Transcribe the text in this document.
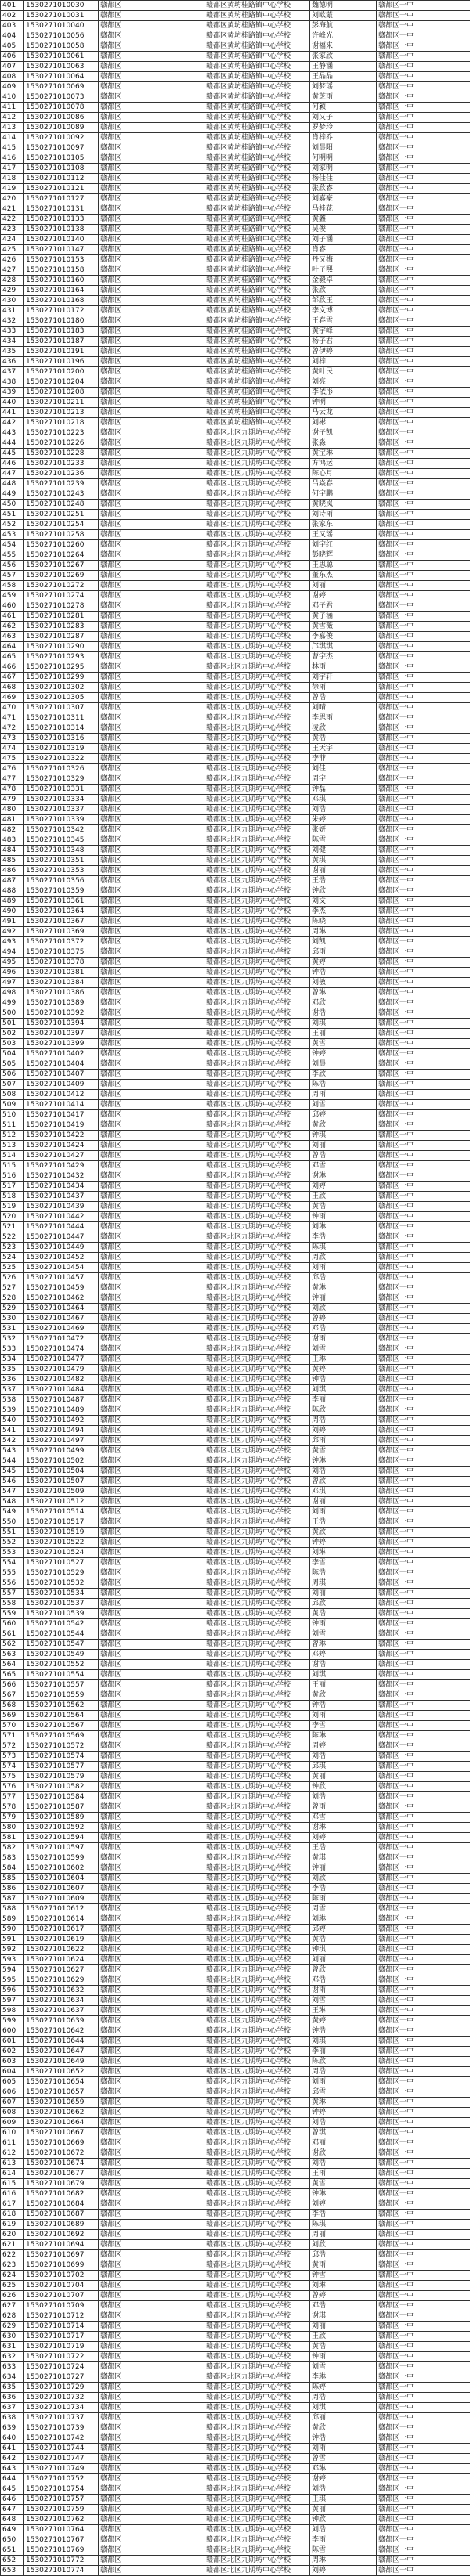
401	1530271010030	赣都区	赣都区黄坊桂路镇中心学校	魏德明	赣都区一中
402	1530271010031	赣都区	赣都区黄坊桂路镇中心学校	刘欧蒙	赣都区一中
403	1530271010040	赣都区	赣都区黄坊桂路镇中心学校	彭海航	赣都区一中
404	1530271010056	赣都区	赣都区黄坊桂路镇中心学校	许峰光	赣都区一中
405	1530271010058	赣都区	赣都区黄坊桂路镇中心学校	谢福来	赣都区一中
406	1530271010061	赣都区	赣都区黄坊桂路镇中心学校	张家欣	赣都区一中
407	1530271010063	赣都区	赣都区黄坊桂路镇中心学校	王静涵	赣都区一中
408	1530271010064	赣都区	赣都区黄坊桂路镇中心学校	王晶晶	赣都区一中
409	1530271010069	赣都区	赣都区黄坊桂路镇中心学校	刘梦瑶	赣都区一中
410	1530271010073	赣都区	赣都区黄坊桂路镇中心学校	黄芝雨	赣都区一中
411	1530271010078	赣都区	赣都区黄坊桂路镇中心学校	何颖	赣都区一中
412	1530271010086	赣都区	赣都区黄坊桂路镇中心学校	刘又子	赣都区一中
413	1530271010089	赣都区	赣都区黄坊桂路镇中心学校	罗梦玲	赣都区一中
414	1530271010092	赣都区	赣都区黄坊桂路镇中心学校	肖梓乔	赣都区一中
415	1530271010097	赣都区	赣都区黄坊桂路镇中心学校	刘晨阳	赣都区一中
416	1530271010105	赣都区	赣都区黄坊桂路镇中心学校	何明明	赣都区一中
417	1530271010108	赣都区	赣都区黄坊桂路镇中心学校	刘家明	赣都区一中
418	1530271010112	赣都区	赣都区黄坊桂路镇中心学校	杨佳佳	赣都区一中
419	1530271010121	赣都区	赣都区黄坊桂路镇中心学校	张欣睿	赣都区一中
420	1530271010127	赣都区	赣都区黄坊桂路镇中心学校	刘嘉豪	赣都区一中
421	1530271010131	赣都区	赣都区黄坊桂路镇中心学校	马桂花	赣都区一中
422	1530271010133	赣都区	赣都区黄坊桂路镇中心学校	黄鑫	赣都区一中
423	1530271010138	赣都区	赣都区黄坊桂路镇中心学校	吴俊	赣都区一中
424	1530271010140	赣都区	赣都区黄坊桂路镇中心学校	刘子涵	赣都区一中
425	1530271010147	赣都区	赣都区黄坊桂路镇中心学校	肖睿	赣都区一中
426	1530271010153	赣都区	赣都区黄坊桂路镇中心学校	丹又梅	赣都区一中
427	1530271010158	赣都区	赣都区黄坊桂路镇中心学校	叶子熙	赣都区一中
428	1530271010160	赣都区	赣都区黄坊桂路镇中心学校	金毅卓	赣都区一中
429	1530271010164	赣都区	赣都区黄坊桂路镇中心学校	张欣	赣都区一中
430	1530271010168	赣都区	赣都区黄坊桂路镇中心学校	邹欣玉	赣都区一中
431	1530271010172	赣都区	赣都区黄坊桂路镇中心学校	李文博	赣都区一中
432	1530271010180	赣都区	赣都区黄坊桂路镇中心学校	王春雪	赣都区一中
433	1530271010183	赣都区	赣都区黄坊桂路镇中心学校	黄宇峰	赣都区一中
434	1530271010187	赣都区	赣都区黄坊桂路镇中心学校	杨子君	赣都区一中
435	1530271010191	赣都区	赣都区黄坊桂路镇中心学校	曾伊婷	赣都区一中
436	1530271010196	赣都区	赣都区黄坊桂路镇中心学校	刘梓	赣都区一中
437	1530271010200	赣都区	赣都区黄坊桂路镇中心学校	黄叶民	赣都区一中
438	1530271010204	赣都区	赣都区黄坊桂路镇中心学校	刘亮	赣都区一中
439	1530271010208	赣都区	赣都区黄坊桂路镇中心学校	李依彤	赣都区一中
440	1530271010211	赣都区	赣都区黄坊桂路镇中心学校	钟明	赣都区一中
441	1530271010213	赣都区	赣都区黄坊桂路镇中心学校	马云龙	赣都区一中
442	1530271010218	赣都区	赣都区黄坊桂路镇中心学校	刘彬	赣都区一中
443	1530271010223	赣都区	赣都区北区九期坊中心学校	谢子凯	赣都区一中
444	1530271010226	赣都区	赣都区北区九期坊中心学校	张淼	赣都区一中
445	1530271010228	赣都区	赣都区北区九期坊中心学校	黄宝琳	赣都区一中
446	1530271010233	赣都区	赣都区北区九期坊中心学校	方鸿运	赣都区一中
447	1530271010236	赣都区	赣都区北区九期坊中心学校	陈心月	赣都区一中
448	1530271010239	赣都区	赣都区北区九期坊中心学校	吕焱春	赣都区一中
449	1530271010243	赣都区	赣都区北区九期坊中心学校	何宇鹏	赣都区一中
450	1530271010248	赣都区	赣都区北区九期坊中心学校	黄晓岚	赣都区一中
451	1530271010251	赣都区	赣都区北区九期坊中心学校	刘诗雨	赣都区一中
452	1530271010254	赣都区	赣都区北区九期坊中心学校	张家东	赣都区一中
453	1530271010258	赣都区	赣都区北区九期坊中心学校	王又瑶	赣都区一中
454	1530271010260	赣都区	赣都区北区九期坊中心学校	刘宇红	赣都区一中
455	1530271010264	赣都区	赣都区北区九期坊中心学校	彭晓辉	赣都区一中
456	1530271010267	赣都区	赣都区北区九期坊中心学校	王思聪	赣都区一中
457	1530271010269	赣都区	赣都区北区九期坊中心学校	董东杰	赣都区一中
458	1530271010272	赣都区	赣都区北区九期坊中心学校	刘丽	赣都区一中
459	1530271010274	赣都区	赣都区北区九期坊中心学校	谢婷	赣都区一中
460	1530271010278	赣都区	赣都区北区九期坊中心学校	邓子君	赣都区一中
461	1530271010281	赣都区	赣都区北区九期坊中心学校	黄子涵	赣都区一中
462	1530271010283	赣都区	赣都区北区九期坊中心学校	黄雪薇	赣都区一中
463	1530271010287	赣都区	赣都区北区九期坊中心学校	李嘉俊	赣都区一中
464	1530271010290	赣都区	赣都区北区九期坊中心学校	邝琪琪	赣都区一中
465	1530271010293	赣都区	赣都区北区九期坊中心学校	曹宇杰	赣都区一中
466	1530271010295	赣都区	赣都区北区九期坊中心学校	林雨	赣都区一中
467	1530271010299	赣都区	赣都区北区九期坊中心学校	刘宇轩	赣都区一中
468	1530271010302	赣都区	赣都区北区九期坊中心学校	徐雨	赣都区一中
469	1530271010305	赣都区	赣都区北区九期坊中心学校	曾浩	赣都区一中
470	1530271010307	赣都区	赣都区北区九期坊中心学校	刘晴	赣都区一中
471	1530271010311	赣都区	赣都区北区九期坊中心学校	李思雨	赣都区一中
472	1530271010314	赣都区	赣都区北区九期坊中心学校	凌欣	赣都区一中
473	1530271010316	赣都区	赣都区北区九期坊中心学校	黄浩	赣都区一中
474	1530271010319	赣都区	赣都区北区九期坊中心学校	王天宇	赣都区一中
475	1530271010322	赣都区	赣都区北区九期坊中心学校	李菲	赣都区一中
476	1530271010326	赣都区	赣都区北区九期坊中心学校	刘佳	赣都区一中
477	1530271010329	赣都区	赣都区北区九期坊中心学校	周宇	赣都区一中
478	1530271010331	赣都区	赣都区北区九期坊中心学校	钟磊	赣都区一中
479	1530271010334	赣都区	赣都区北区九期坊中心学校	邓琪	赣都区一中
480	1530271010337	赣都区	赣都区北区九期坊中心学校	刘浩	赣都区一中
481	1530271010339	赣都区	赣都区北区九期坊中心学校	朱婷	赣都区一中
482	1530271010342	赣都区	赣都区北区九期坊中心学校	张妍	赣都区一中
483	1530271010345	赣都区	赣都区北区九期坊中心学校	陈雪	赣都区一中
484	1530271010348	赣都区	赣都区北区九期坊中心学校	刘健	赣都区一中
485	1530271010351	赣都区	赣都区北区九期坊中心学校	黄琪	赣都区一中
486	1530271010353	赣都区	赣都区北区九期坊中心学校	谢丽	赣都区一中
487	1530271010356	赣都区	赣都区北区九期坊中心学校	王浩	赣都区一中
488	1530271010359	赣都区	赣都区北区九期坊中心学校	钟欣	赣都区一中
489	1530271010361	赣都区	赣都区北区九期坊中心学校	刘文	赣都区一中
490	1530271010364	赣都区	赣都区北区九期坊中心学校	李杰	赣都区一中
491	1530271010367	赣都区	赣都区北区九期坊中心学校	陈晓	赣都区一中
492	1530271010369	赣都区	赣都区北区九期坊中心学校	周琳	赣都区一中
493	1530271010372	赣都区	赣都区北区九期坊中心学校	刘凯	赣都区一中
494	1530271010375	赣都区	赣都区北区九期坊中心学校	邱雨	赣都区一中
495	1530271010378	赣都区	赣都区北区九期坊中心学校	黄婷	赣都区一中
496	1530271010381	赣都区	赣都区北区九期坊中心学校	钟浩	赣都区一中
497	1530271010384	赣都区	赣都区北区九期坊中心学校	刘敏	赣都区一中
498	1530271010386	赣都区	赣都区北区九期坊中心学校	曾琳	赣都区一中
499	1530271010389	赣都区	赣都区北区九期坊中心学校	邓欣	赣都区一中
500	1530271010392	赣都区	赣都区北区九期坊中心学校	谢浩	赣都区一中
501	1530271010394	赣都区	赣都区北区九期坊中心学校	刘琪	赣都区一中
502	1530271010397	赣都区	赣都区北区九期坊中心学校	王丽	赣都区一中
503	1530271010399	赣都区	赣都区北区九期坊中心学校	黄雪	赣都区一中
504	1530271010402	赣都区	赣都区北区九期坊中心学校	钟婷	赣都区一中
505	1530271010404	赣都区	赣都区北区九期坊中心学校	刘晨	赣都区一中
506	1530271010407	赣都区	赣都区北区九期坊中心学校	李欣	赣都区一中
507	1530271010409	赣都区	赣都区北区九期坊中心学校	陈浩	赣都区一中
508	1530271010412	赣都区	赣都区北区九期坊中心学校	周雨	赣都区一中
509	1530271010414	赣都区	赣都区北区九期坊中心学校	刘雪	赣都区一中
510	1530271010417	赣都区	赣都区北区九期坊中心学校	邱婷	赣都区一中
511	1530271010419	赣都区	赣都区北区九期坊中心学校	黄欣	赣都区一中
512	1530271010422	赣都区	赣都区北区九期坊中心学校	钟琪	赣都区一中
513	1530271010424	赣都区	赣都区北区九期坊中心学校	刘丽	赣都区一中
514	1530271010427	赣都区	赣都区北区九期坊中心学校	曾浩	赣都区一中
515	1530271010429	赣都区	赣都区北区九期坊中心学校	邓雪	赣都区一中
516	1530271010432	赣都区	赣都区北区九期坊中心学校	谢琳	赣都区一中
517	1530271010434	赣都区	赣都区北区九期坊中心学校	刘婷	赣都区一中
518	1530271010437	赣都区	赣都区北区九期坊中心学校	王欣	赣都区一中
519	1530271010439	赣都区	赣都区北区九期坊中心学校	黄浩	赣都区一中
520	1530271010442	赣都区	赣都区北区九期坊中心学校	钟雨	赣都区一中
521	1530271010444	赣都区	赣都区北区九期坊中心学校	刘琳	赣都区一中
522	1530271010447	赣都区	赣都区北区九期坊中心学校	李浩	赣都区一中
523	1530271010449	赣都区	赣都区北区九期坊中心学校	陈琪	赣都区一中
524	1530271010452	赣都区	赣都区北区九期坊中心学校	周欣	赣都区一中
525	1530271010454	赣都区	赣都区北区九期坊中心学校	刘雨	赣都区一中
526	1530271010457	赣都区	赣都区北区九期坊中心学校	邱浩	赣都区一中
527	1530271010459	赣都区	赣都区北区九期坊中心学校	黄琳	赣都区一中
528	1530271010462	赣都区	赣都区北区九期坊中心学校	钟丽	赣都区一中
529	1530271010464	赣都区	赣都区北区九期坊中心学校	刘欣	赣都区一中
530	1530271010467	赣都区	赣都区北区九期坊中心学校	曾婷	赣都区一中
531	1530271010469	赣都区	赣都区北区九期坊中心学校	邓浩	赣都区一中
532	1530271010472	赣都区	赣都区北区九期坊中心学校	谢雨	赣都区一中
533	1530271010474	赣都区	赣都区北区九期坊中心学校	刘雪	赣都区一中
534	1530271010477	赣都区	赣都区北区九期坊中心学校	王琳	赣都区一中
535	1530271010479	赣都区	赣都区北区九期坊中心学校	黄婷	赣都区一中
536	1530271010482	赣都区	赣都区北区九期坊中心学校	钟浩	赣都区一中
537	1530271010484	赣都区	赣都区北区九期坊中心学校	刘琪	赣都区一中
538	1530271010487	赣都区	赣都区北区九期坊中心学校	李丽	赣都区一中
539	1530271010489	赣都区	赣都区北区九期坊中心学校	陈欣	赣都区一中
540	1530271010492	赣都区	赣都区北区九期坊中心学校	周浩	赣都区一中
541	1530271010494	赣都区	赣都区北区九期坊中心学校	刘婷	赣都区一中
542	1530271010497	赣都区	赣都区北区九期坊中心学校	邱雨	赣都区一中
543	1530271010499	赣都区	赣都区北区九期坊中心学校	黄雪	赣都区一中
544	1530271010502	赣都区	赣都区北区九期坊中心学校	钟琳	赣都区一中
545	1530271010504	赣都区	赣都区北区九期坊中心学校	刘浩	赣都区一中
546	1530271010507	赣都区	赣都区北区九期坊中心学校	曾欣	赣都区一中
547	1530271010509	赣都区	赣都区北区九期坊中心学校	邓琪	赣都区一中
548	1530271010512	赣都区	赣都区北区九期坊中心学校	谢丽	赣都区一中
549	1530271010514	赣都区	赣都区北区九期坊中心学校	刘雨	赣都区一中
550	1530271010517	赣都区	赣都区北区九期坊中心学校	王浩	赣都区一中
551	1530271010519	赣都区	赣都区北区九期坊中心学校	黄欣	赣都区一中
552	1530271010522	赣都区	赣都区北区九期坊中心学校	钟婷	赣都区一中
553	1530271010524	赣都区	赣都区北区九期坊中心学校	刘琳	赣都区一中
554	1530271010527	赣都区	赣都区北区九期坊中心学校	李雪	赣都区一中
555	1530271010529	赣都区	赣都区北区九期坊中心学校	陈浩	赣都区一中
556	1530271010532	赣都区	赣都区北区九期坊中心学校	周琪	赣都区一中
557	1530271010534	赣都区	赣都区北区九期坊中心学校	刘丽	赣都区一中
558	1530271010537	赣都区	赣都区北区九期坊中心学校	邱欣	赣都区一中
559	1530271010539	赣都区	赣都区北区九期坊中心学校	黄浩	赣都区一中
560	1530271010542	赣都区	赣都区北区九期坊中心学校	钟雨	赣都区一中
561	1530271010544	赣都区	赣都区北区九期坊中心学校	刘雪	赣都区一中
562	1530271010547	赣都区	赣都区北区九期坊中心学校	曾琳	赣都区一中
563	1530271010549	赣都区	赣都区北区九期坊中心学校	邓婷	赣都区一中
564	1530271010552	赣都区	赣都区北区九期坊中心学校	谢浩	赣都区一中
565	1530271010554	赣都区	赣都区北区九期坊中心学校	刘琪	赣都区一中
566	1530271010557	赣都区	赣都区北区九期坊中心学校	王丽	赣都区一中
567	1530271010559	赣都区	赣都区北区九期坊中心学校	黄欣	赣都区一中
568	1530271010562	赣都区	赣都区北区九期坊中心学校	钟浩	赣都区一中
569	1530271010564	赣都区	赣都区北区九期坊中心学校	刘雨	赣都区一中
570	1530271010567	赣都区	赣都区北区九期坊中心学校	李雪	赣都区一中
571	1530271010569	赣都区	赣都区北区九期坊中心学校	陈琳	赣都区一中
572	1530271010572	赣都区	赣都区北区九期坊中心学校	周婷	赣都区一中
573	1530271010574	赣都区	赣都区北区九期坊中心学校	刘浩	赣都区一中
574	1530271010577	赣都区	赣都区北区九期坊中心学校	邱琪	赣都区一中
575	1530271010579	赣都区	赣都区北区九期坊中心学校	黄丽	赣都区一中
576	1530271010582	赣都区	赣都区北区九期坊中心学校	钟欣	赣都区一中
577	1530271010584	赣都区	赣都区北区九期坊中心学校	刘浩	赣都区一中
578	1530271010587	赣都区	赣都区北区九期坊中心学校	曾雨	赣都区一中
579	1530271010589	赣都区	赣都区北区九期坊中心学校	邓雪	赣都区一中
580	1530271010592	赣都区	赣都区北区九期坊中心学校	谢琳	赣都区一中
581	1530271010594	赣都区	赣都区北区九期坊中心学校	刘婷	赣都区一中
582	1530271010597	赣都区	赣都区北区九期坊中心学校	王浩	赣都区一中
583	1530271010599	赣都区	赣都区北区九期坊中心学校	黄琪	赣都区一中
584	1530271010602	赣都区	赣都区北区九期坊中心学校	钟丽	赣都区一中
585	1530271010604	赣都区	赣都区北区九期坊中心学校	刘欣	赣都区一中
586	1530271010607	赣都区	赣都区北区九期坊中心学校	李浩	赣都区一中
587	1530271010609	赣都区	赣都区北区九期坊中心学校	陈雨	赣都区一中
588	1530271010612	赣都区	赣都区北区九期坊中心学校	周雪	赣都区一中
589	1530271010614	赣都区	赣都区北区九期坊中心学校	刘琳	赣都区一中
590	1530271010617	赣都区	赣都区北区九期坊中心学校	邱婷	赣都区一中
591	1530271010619	赣都区	赣都区北区九期坊中心学校	黄浩	赣都区一中
592	1530271010622	赣都区	赣都区北区九期坊中心学校	钟琪	赣都区一中
593	1530271010624	赣都区	赣都区北区九期坊中心学校	刘丽	赣都区一中
594	1530271010627	赣都区	赣都区北区九期坊中心学校	曾欣	赣都区一中
595	1530271010629	赣都区	赣都区北区九期坊中心学校	邓浩	赣都区一中
596	1530271010632	赣都区	赣都区北区九期坊中心学校	谢雨	赣都区一中
597	1530271010634	赣都区	赣都区北区九期坊中心学校	刘雪	赣都区一中
598	1530271010637	赣都区	赣都区北区九期坊中心学校	王琳	赣都区一中
599	1530271010639	赣都区	赣都区北区九期坊中心学校	黄婷	赣都区一中
600	1530271010642	赣都区	赣都区北区九期坊中心学校	钟浩	赣都区一中
601	1530271010644	赣都区	赣都区北区九期坊中心学校	刘琪	赣都区一中
602	1530271010647	赣都区	赣都区北区九期坊中心学校	李丽	赣都区一中
603	1530271010649	赣都区	赣都区北区九期坊中心学校	陈欣	赣都区一中
604	1530271010652	赣都区	赣都区北区九期坊中心学校	周浩	赣都区一中
605	1530271010654	赣都区	赣都区北区九期坊中心学校	刘雨	赣都区一中
606	1530271010657	赣都区	赣都区北区九期坊中心学校	邱雪	赣都区一中
607	1530271010659	赣都区	赣都区北区九期坊中心学校	黄琳	赣都区一中
608	1530271010662	赣都区	赣都区北区九期坊中心学校	钟婷	赣都区一中
609	1530271010664	赣都区	赣都区北区九期坊中心学校	刘浩	赣都区一中
610	1530271010667	赣都区	赣都区北区九期坊中心学校	曾琪	赣都区一中
611	1530271010669	赣都区	赣都区北区九期坊中心学校	邓丽	赣都区一中
612	1530271010672	赣都区	赣都区北区九期坊中心学校	谢欣	赣都区一中
613	1530271010674	赣都区	赣都区北区九期坊中心学校	刘浩	赣都区一中
614	1530271010677	赣都区	赣都区北区九期坊中心学校	王雨	赣都区一中
615	1530271010679	赣都区	赣都区北区九期坊中心学校	黄雪	赣都区一中
616	1530271010682	赣都区	赣都区北区九期坊中心学校	钟琳	赣都区一中
617	1530271010684	赣都区	赣都区北区九期坊中心学校	刘婷	赣都区一中
618	1530271010687	赣都区	赣都区北区九期坊中心学校	李浩	赣都区一中
619	1530271010689	赣都区	赣都区北区九期坊中心学校	陈琪	赣都区一中
620	1530271010692	赣都区	赣都区北区九期坊中心学校	周丽	赣都区一中
621	1530271010694	赣都区	赣都区北区九期坊中心学校	刘欣	赣都区一中
622	1530271010697	赣都区	赣都区北区九期坊中心学校	邱浩	赣都区一中
623	1530271010699	赣都区	赣都区北区九期坊中心学校	黄雨	赣都区一中
624	1530271010702	赣都区	赣都区北区九期坊中心学校	钟雪	赣都区一中
625	1530271010704	赣都区	赣都区北区九期坊中心学校	刘琳	赣都区一中
626	1530271010707	赣都区	赣都区北区九期坊中心学校	曾婷	赣都区一中
627	1530271010709	赣都区	赣都区北区九期坊中心学校	邓浩	赣都区一中
628	1530271010712	赣都区	赣都区北区九期坊中心学校	谢琪	赣都区一中
629	1530271010714	赣都区	赣都区北区九期坊中心学校	刘丽	赣都区一中
630	1530271010717	赣都区	赣都区北区九期坊中心学校	王欣	赣都区一中
631	1530271010719	赣都区	赣都区北区九期坊中心学校	黄浩	赣都区一中
632	1530271010722	赣都区	赣都区北区九期坊中心学校	钟雨	赣都区一中
633	1530271010724	赣都区	赣都区北区九期坊中心学校	刘雪	赣都区一中
634	1530271010727	赣都区	赣都区北区九期坊中心学校	李琳	赣都区一中
635	1530271010729	赣都区	赣都区北区九期坊中心学校	陈婷	赣都区一中
636	1530271010732	赣都区	赣都区北区九期坊中心学校	周浩	赣都区一中
637	1530271010734	赣都区	赣都区北区九期坊中心学校	刘琪	赣都区一中
638	1530271010737	赣都区	赣都区北区九期坊中心学校	邱丽	赣都区一中
639	1530271010739	赣都区	赣都区北区九期坊中心学校	黄欣	赣都区一中
640	1530271010742	赣都区	赣都区北区九期坊中心学校	钟浩	赣都区一中
641	1530271010744	赣都区	赣都区北区九期坊中心学校	刘雨	赣都区一中
642	1530271010747	赣都区	赣都区北区九期坊中心学校	曾雪	赣都区一中
643	1530271010749	赣都区	赣都区北区九期坊中心学校	邓琳	赣都区一中
644	1530271010752	赣都区	赣都区北区九期坊中心学校	谢婷	赣都区一中
645	1530271010754	赣都区	赣都区北区九期坊中心学校	刘浩	赣都区一中
646	1530271010757	赣都区	赣都区北区九期坊中心学校	王琪	赣都区一中
647	1530271010759	赣都区	赣都区北区九期坊中心学校	黄丽	赣都区一中
648	1530271010762	赣都区	赣都区北区九期坊中心学校	钟欣	赣都区一中
649	1530271010764	赣都区	赣都区北区九期坊中心学校	刘浩	赣都区一中
650	1530271010767	赣都区	赣都区北区九期坊中心学校	李雨	赣都区一中
651	1530271010769	赣都区	赣都区北区九期坊中心学校	陈雪	赣都区一中
652	1530271010772	赣都区	赣都区北区九期坊中心学校	周琳	赣都区一中
653	1530271010774	赣都区	赣都区北区九期坊中心学校	刘婷	赣都区一中
